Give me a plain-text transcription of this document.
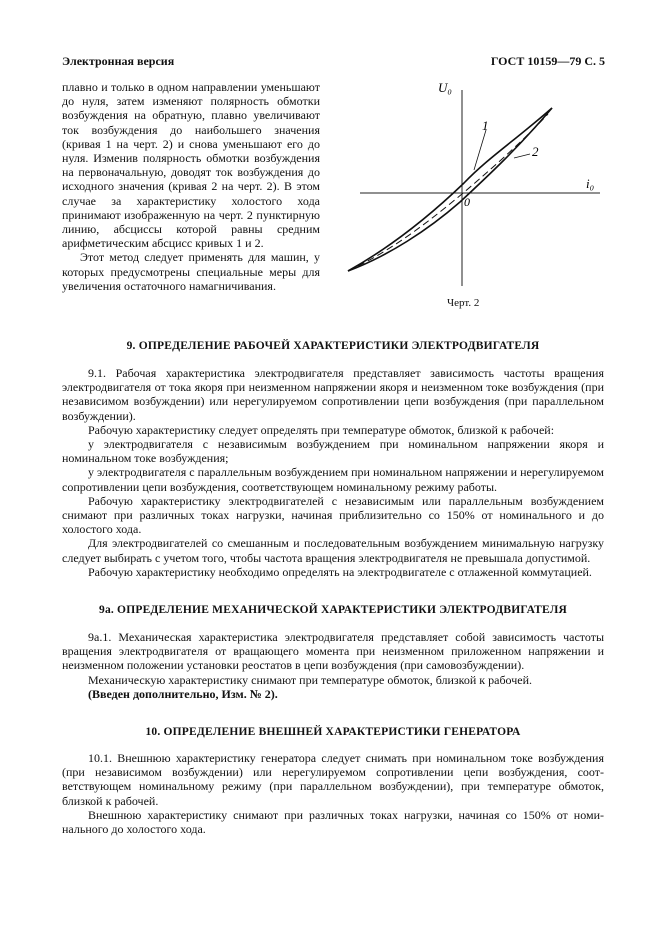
Электронная версия	ГОСТ 10159—79 С. 5

плавно и только в одном направлении уменьшают до нуля, затем изменяют полярность обмотки возбуждения на обратную, плавно увеличивают ток возбуждения до наибольшего значения (кривая 1 на черт. 2) и снова уменьшают его до нуля. Изменив полярность обмотки возбуждения на первоначальную, доводят ток возбуждения до исходного значения (кривая 2 на черт. 2). В этом случае за характеристику холостого хода принимают изображенную на черт. 2 пунктирную линию, абсциссы которой равны средним арифметическим абсцисс кривых 1 и 2.

Этот метод следует применять для машин, у которых предусмотрены специальные меры для увеличения остаточного намагничивания.

U₀
i₀
0
1
2
Черт. 2
9. ОПРЕДЕЛЕНИЕ РАБОЧЕЙ ХАРАКТЕРИСТИКИ ЭЛЕКТРОДВИГАТЕЛЯ

9.1. Рабочая характеристика электродвигателя представляет зависимость частоты вращения электродвигателя от тока якоря при неизменном напряжении якоря и неизменном токе возбуждения (при независимом возбуждении) или нерегулируемом сопротивлении цепи возбуждения (при параллельном возбуждении).

Рабочую характеристику следует определять при температуре обмоток, близкой к рабочей:

у электродвигателя с независимым возбуждением при номинальном напряжении якоря и номинальном токе возбуждения;

у электродвигателя с параллельным возбуждением при номинальном напряжении и нерегулируемом сопротивлении цепи возбуждения, соответствующем номинальному режиму работы.

Рабочую характеристику электродвигателей с независимым или параллельным возбуждением снимают при различных токах нагрузки, начиная приблизительно со 150% от номинального и до холостого хода.

Для электродвигателей со смешанным и последовательным возбуждением минимальную нагрузку следует выбирать с учетом того, чтобы частота вращения электродвигателя не превышала допустимой.

Рабочую характеристику необходимо определять на электродвигателе с отлаженной коммутацией.

9а. ОПРЕДЕЛЕНИЕ МЕХАНИЧЕСКОЙ ХАРАКТЕРИСТИКИ ЭЛЕКТРОДВИГАТЕЛЯ

9а.1. Механическая характеристика электродвигателя представляет собой зависимость частоты вращения электродвигателя от вращающего момента при неизменном приложенном напряжении и неизменном положении установки реостатов в цепи возбуждения (при самовозбуждении).

Механическую характеристику снимают при температуре обмоток, близкой к рабочей.

(Введен дополнительно, Изм. № 2).

10. ОПРЕДЕЛЕНИЕ ВНЕШНЕЙ ХАРАКТЕРИСТИКИ ГЕНЕРАТОРА

10.1. Внешнюю характеристику генератора следует снимать при номинальном токе возбуждения (при независимом возбуждении) или нерегулируемом сопротивлении цепи возбуждения, соответствующем номинальному режиму (при параллельном возбуждении), при температуре обмоток, близкой к рабочей.

Внешнюю характеристику снимают при различных токах нагрузки, начиная со 150% от номинального до холостого хода.
